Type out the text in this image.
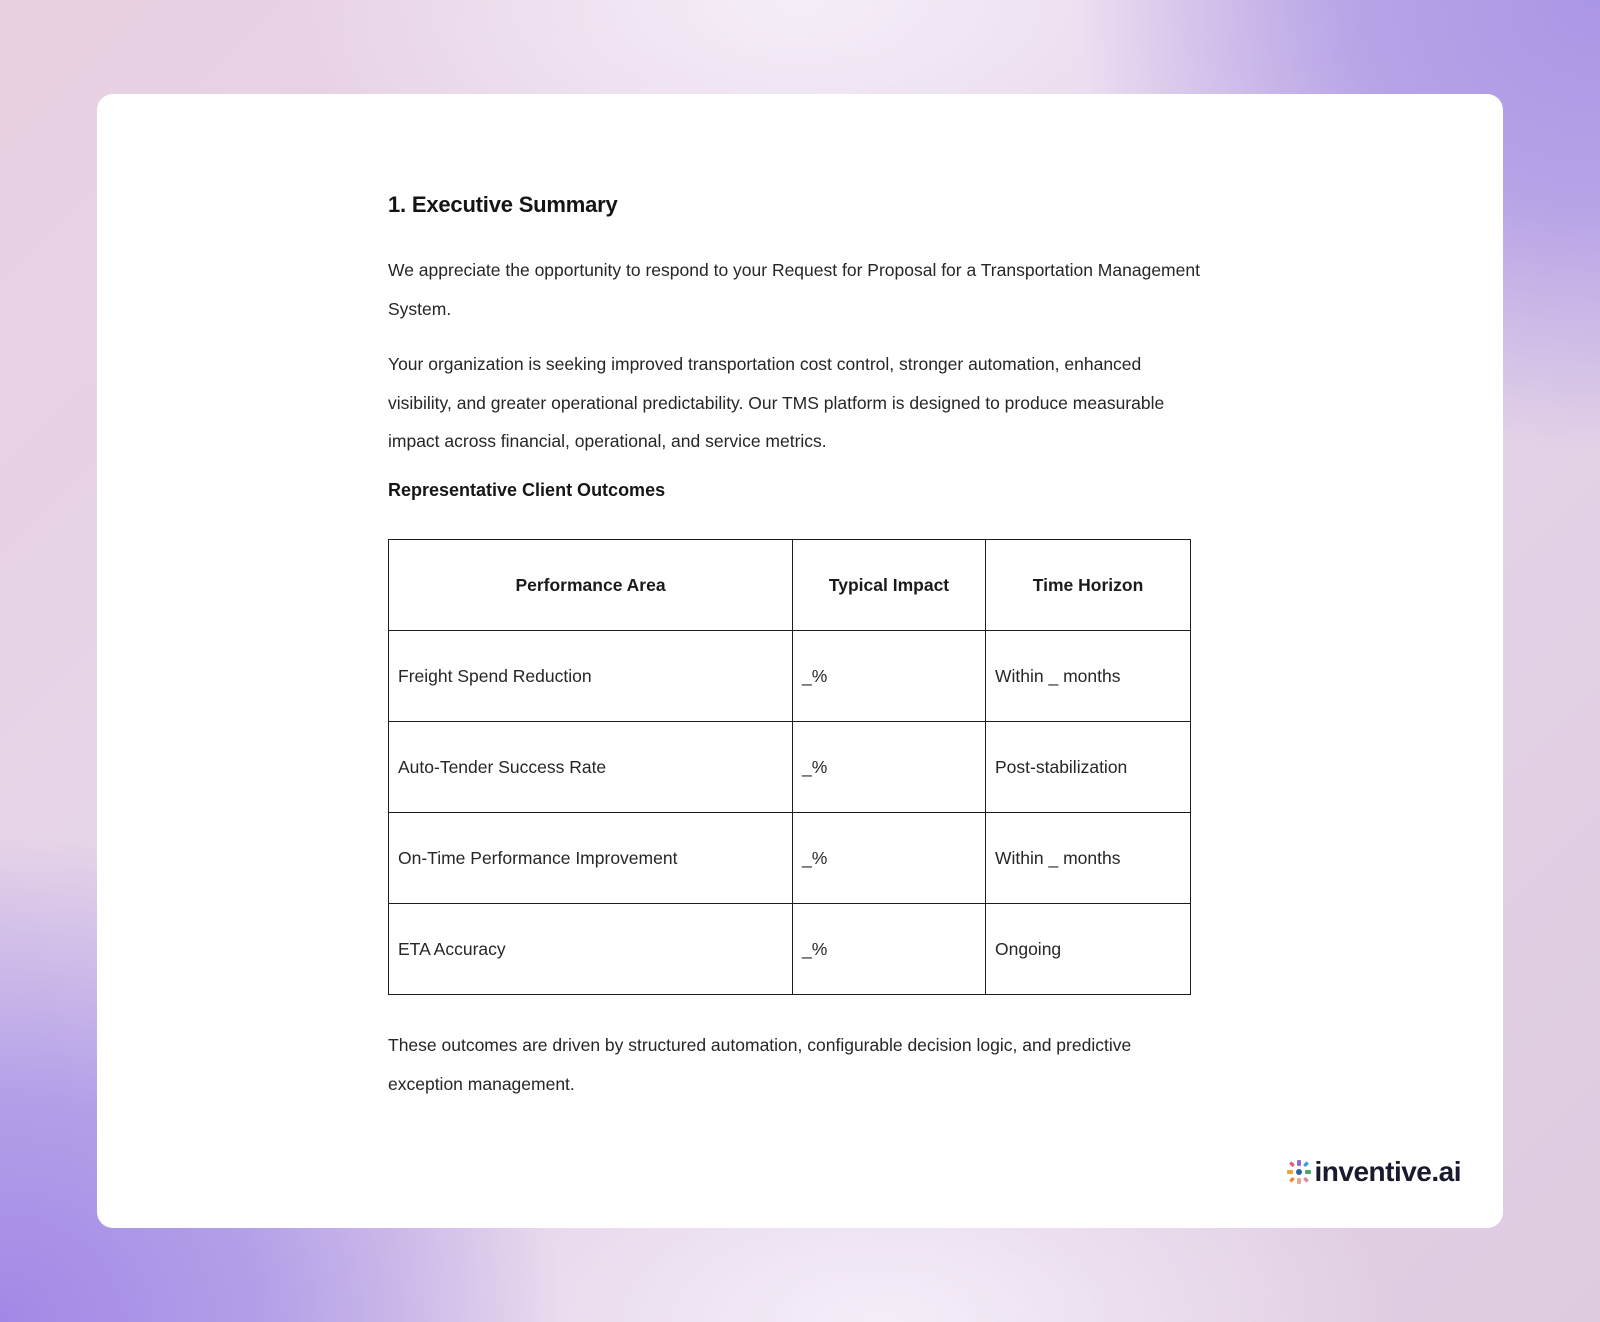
1. Executive Summary
We appreciate the opportunity to respond to your Request for Proposal for a Transportation Management System.
Your organization is seeking improved transportation cost control, stronger automation, enhanced visibility, and greater operational predictability. Our TMS platform is designed to produce measurable impact across financial, operational, and service metrics.
Representative Client Outcomes
Performance Area	Typical Impact	Time Horizon
Freight Spend Reduction	_%	Within _ months
Auto-Tender Success Rate	_%	Post-stabilization
On-Time Performance Improvement	_%	Within _ months
ETA Accuracy	_%	Ongoing
These outcomes are driven by structured automation, configurable decision logic, and predictive exception management.
inventive.ai
